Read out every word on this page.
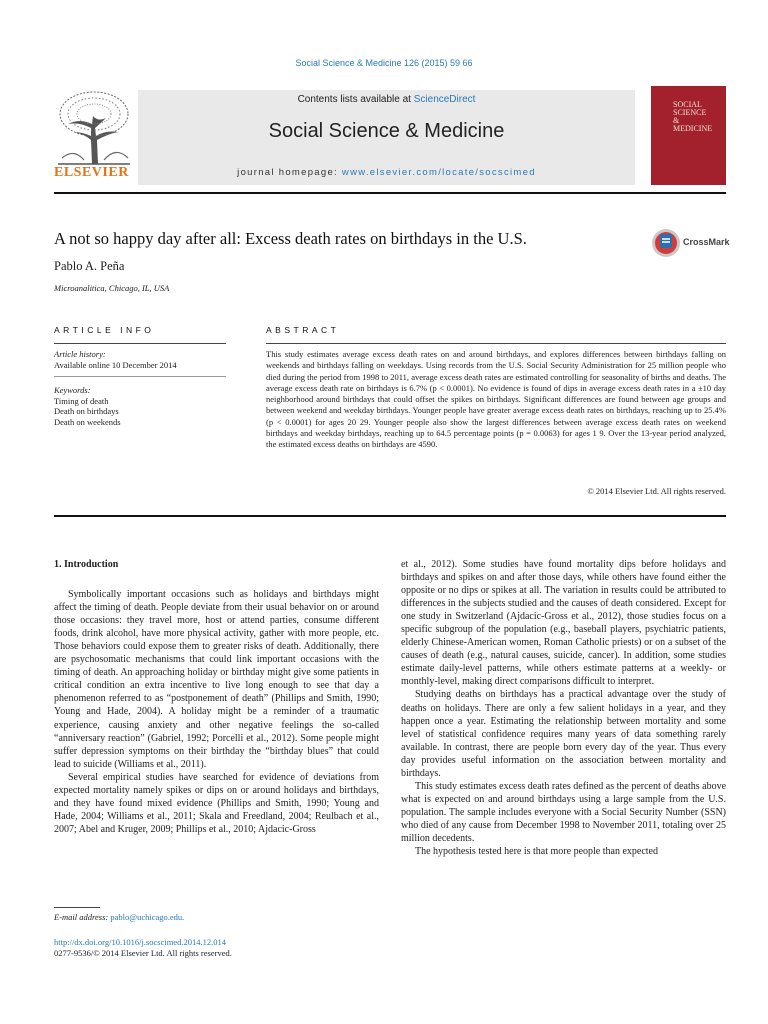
Social Science & Medicine 126 (2015) 59 66
ELSEVIER
Contents lists available at ScienceDirect
Social Science & Medicine
journal homepage: www.elsevier.com/locate/socscimed
SOCIAL
SCIENCE
&
MEDICINE
A not so happy day after all: Excess death rates on birthdays in the U.S.	CrossMark
Pablo A. Peña
Microanalitica, Chicago, IL, USA
ARTICLE INFO
Article history:
Available online 10 December 2014
Keywords:
Timing of death
Death on birthdays
Death on weekends
ABSTRACT
This study estimates average excess death rates on and around birthdays, and explores differences between birthdays falling on weekends and birthdays falling on weekdays. Using records from the U.S. Social Security Administration for 25 million people who died during the period from 1998 to 2011, average excess death rates are estimated controlling for seasonality of births and deaths. The average excess death rate on birthdays is 6.7% (p < 0.0001). No evidence is found of dips in average excess death rates in a ±10 day neighborhood around birthdays that could offset the spikes on birthdays. Significant differences are found between age groups and between weekend and weekday birthdays. Younger people have greater average excess death rates on birthdays, reaching up to 25.4% (p < 0.0001) for ages 20 29. Younger people also show the largest differences between average excess death rates on weekend birthdays and weekday birthdays, reaching up to 64.5 percentage points (p = 0.0063) for ages 1 9. Over the 13-year period analyzed, the estimated excess deaths on birthdays are 4590.
© 2014 Elsevier Ltd. All rights reserved.

1. Introduction

Symbolically important occasions such as holidays and birthdays might affect the timing of death. People deviate from their usual behavior on or around those occasions: they travel more, host or attend parties, consume different foods, drink alcohol, have more physical activity, gather with more people, etc. Those behaviors could expose them to greater risks of death. Additionally, there are psychosomatic mechanisms that could link important occasions with the timing of death. An approaching holiday or birthday might give some patients in critical condition an extra incentive to live long enough to see that day a phenomenon referred to as “postponement of death” (Phillips and Smith, 1990; Young and Hade, 2004). A holiday might be a reminder of a traumatic experience, causing anxiety and other negative feelings the so-called “anniversary reaction” (Gabriel, 1992; Porcelli et al., 2012). Some people might suffer depression symptoms on their birthday the “birthday blues” that could lead to suicide (Williams et al., 2011).

Several empirical studies have searched for evidence of deviations from expected mortality namely spikes or dips on or around holidays and birthdays, and they have found mixed evidence (Phillips and Smith, 1990; Young and Hade, 2004; Williams et al., 2011; Skala and Freedland, 2004; Reulbach et al., 2007; Abel and Kruger, 2009; Phillips et al., 2010; Ajdacic-Gross

et al., 2012). Some studies have found mortality dips before holidays and birthdays and spikes on and after those days, while others have found either the opposite or no dips or spikes at all. The variation in results could be attributed to differences in the subjects studied and the causes of death considered. Except for one study in Switzerland (Ajdacic-Gross et al., 2012), those studies focus on a specific subgroup of the population (e.g., baseball players, psychiatric patients, elderly Chinese-American women, Roman Catholic priests) or on a subset of the causes of death (e.g., natural causes, suicide, cancer). In addition, some studies estimate daily-level patterns, while others estimate patterns at a weekly- or monthly-level, making direct comparisons difficult to interpret.

Studying deaths on birthdays has a practical advantage over the study of deaths on holidays. There are only a few salient holidays in a year, and they happen once a year. Estimating the relationship between mortality and some level of statistical confidence requires many years of data something rarely available. In contrast, there are people born every day of the year. Thus every day provides useful information on the association between mortality and birthdays.

This study estimates excess death rates defined as the percent of deaths above what is expected on and around birthdays using a large sample from the U.S. population. The sample includes everyone with a Social Security Number (SSN) who died of any cause from December 1998 to November 2011, totaling over 25 million decedents.

The hypothesis tested here is that more people than expected

E-mail address: pablo@uchicago.edu.
http://dx.doi.org/10.1016/j.socscimed.2014.12.014
0277-9536/© 2014 Elsevier Ltd. All rights reserved.
